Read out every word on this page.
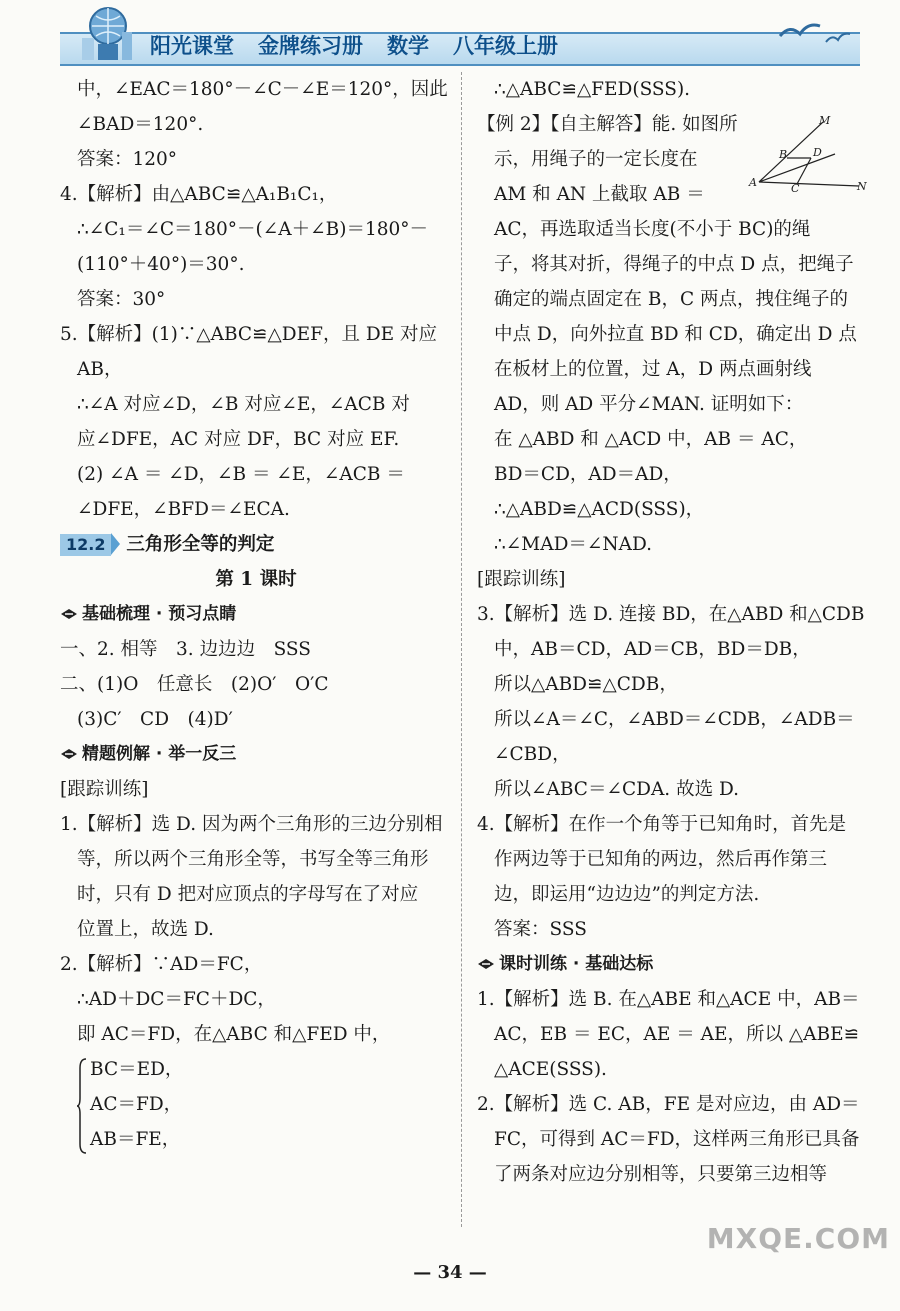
阳光课堂 金牌练习册 数学 八年级上册
中，∠EAC＝180°－∠C－∠E＝120°，因此
∠BAD＝120°.
答案：120°
4.【解析】由△ABC≌△A₁B₁C₁，
∴∠C₁＝∠C＝180°－(∠A＋∠B)＝180°－
(110°＋40°)＝30°.
答案：30°
5.【解析】(1)∵△ABC≌△DEF，且 DE 对应
AB，
∴∠A 对应∠D，∠B 对应∠E，∠ACB 对
应∠DFE，AC 对应 DF，BC 对应 EF.
(2) ∠A ＝ ∠D，∠B ＝ ∠E，∠ACB ＝
∠DFE，∠BFD＝∠ECA.
12.2 三角形全等的判定
第 1 课时
基础梳理 · 预习点睛
一、2. 相等　3. 边边边　SSS
二、(1)O　任意长　(2)O′　O′C
(3)C′　CD　(4)D′
精题例解 · 举一反三
[跟踪训练]
1.【解析】选 D. 因为两个三角形的三边分别相
等，所以两个三角形全等，书写全等三角形
时，只有 D 把对应顶点的字母写在了对应
位置上，故选 D.
2.【解析】∵AD＝FC，
∴AD＋DC＝FC＋DC，
即 AC＝FD，在△ABC 和△FED 中，
BC＝ED，
AC＝FD，
AB＝FE，
∴△ABC≌△FED(SSS).
【例 2】【自主解答】能. 如图所
示，用绳子的一定长度在
AM 和 AN 上截取 AB ＝
AC，再选取适当长度(不小于 BC)的绳
子，将其对折，得绳子的中点 D 点，把绳子
确定的端点固定在 B，C 两点，拽住绳子的
中点 D，向外拉直 BD 和 CD，确定出 D 点
在板材上的位置，过 A，D 两点画射线
AD，则 AD 平分∠MAN. 证明如下：
在 △ABD 和 △ACD 中，AB ＝ AC，
BD＝CD，AD＝AD，
∴△ABD≌△ACD(SSS)，
∴∠MAD＝∠NAD.
[跟踪训练]
3.【解析】选 D. 连接 BD，在△ABD 和△CDB
中，AB＝CD，AD＝CB，BD＝DB，
所以△ABD≌△CDB，
所以∠A＝∠C，∠ABD＝∠CDB，∠ADB＝
∠CBD，
所以∠ABC＝∠CDA. 故选 D.
4.【解析】在作一个角等于已知角时，首先是
作两边等于已知角的两边，然后再作第三
边，即运用“边边边”的判定方法.
答案：SSS
课时训练 · 基础达标
1.【解析】选 B. 在△ABE 和△ACE 中，AB＝
AC，EB ＝ EC，AE ＝ AE，所以 △ABE≌
△ACE(SSS).
2.【解析】选 C. AB，FE 是对应边，由 AD＝
FC，可得到 AC＝FD，这样两三角形已具备
了两条对应边分别相等，只要第三边相等
M
B D
A	C	N
— 34 —
MXQE.COM
